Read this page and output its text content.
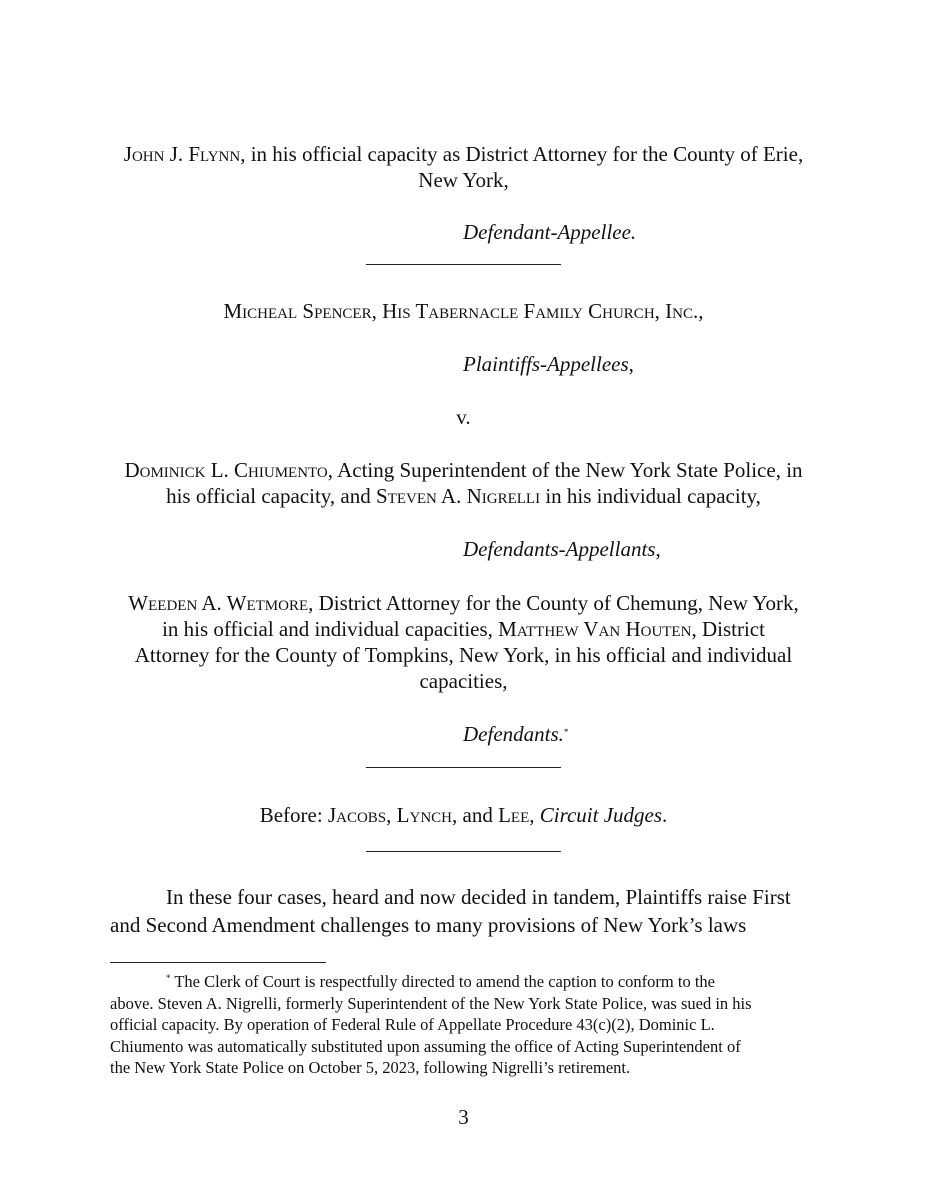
John J. Flynn, in his official capacity as District Attorney for the County of Erie,

New York,

Defendant-Appellee.

Micheal Spencer, His Tabernacle Family Church, Inc.,

Plaintiffs-Appellees,

v.

Dominick L. Chiumento, Acting Superintendent of the New York State Police, in

his official capacity, and Steven A. Nigrelli in his individual capacity,

Defendants-Appellants,

Weeden A. Wetmore, District Attorney for the County of Chemung, New York,

in his official and individual capacities, Matthew Van Houten, District

Attorney for the County of Tompkins, New York, in his official and individual

capacities,

Defendants.*

Before: Jacobs, Lynch, and Lee, Circuit Judges.

In these four cases, heard and now decided in tandem, Plaintiffs raise First
and Second Amendment challenges to many provisions of New York’s laws

* The Clerk of Court is respectfully directed to amend the caption to conform to the
above. Steven A. Nigrelli, formerly Superintendent of the New York State Police, was sued in his
official capacity. By operation of Federal Rule of Appellate Procedure 43(c)(2), Dominic L.
Chiumento was automatically substituted upon assuming the office of Acting Superintendent of
the New York State Police on October 5, 2023, following Nigrelli’s retirement.

3
